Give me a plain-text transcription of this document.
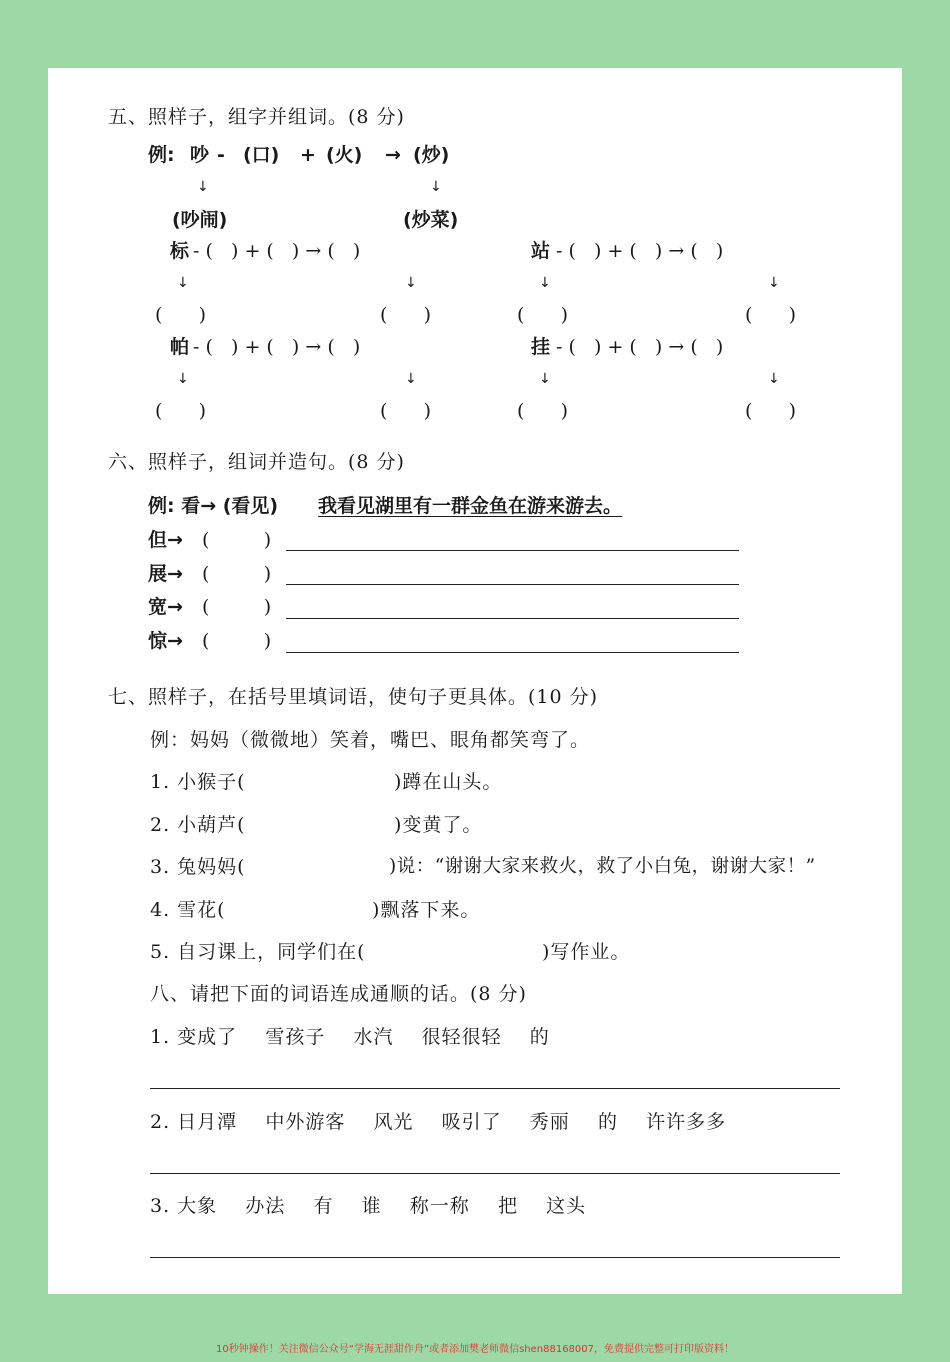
五、照样子，组字并组词。(8 分)
例: 吵 - (口) + (火) → (炒)
↓	↓
(吵闹)	(炒菜)
标 - (   ) + (   ) → (   )	站 - (   ) + (   ) → (   )
↓	↓	↓	↓
(      )	(      )	(      )	(      )
帕 - (   ) + (   ) → (   )	挂 - (   ) + (   ) → (   )
↓	↓	↓	↓
(      )	(      )	(      )	(      )
六、照样子，组词并造句。(8 分)
例: 看→ (看见) 我看见湖里有一群金鱼在游来游去。
但→ (         )
展→ (         )
宽→ (         )
惊→ (         )
七、照样子，在括号里填词语，使句子更具体。(10 分)
例：妈妈（微微地）笑着，嘴巴、眼角都笑弯了。
1. 小猴子(	)蹲在山头。
2. 小葫芦(	)变黄了。
3. 兔妈妈(	)说：“谢谢大家来救火，救了小白兔，谢谢大家！”
4. 雪花(	)飘落下来。
5. 自习课上，同学们在(	)写作业。
八、请把下面的词语连成通顺的话。(8 分)
1. 变成了    雪孩子    水汽    很轻很轻    的
2. 日月潭    中外游客    风光    吸引了    秀丽    的    许许多多
3. 大象    办法    有    谁    称一称    把    这头
10秒钟操作！关注微信公众号“学海无涯甜作舟”或者添加樊老师微信shen88168007，免费提供完整可打印版资料！
